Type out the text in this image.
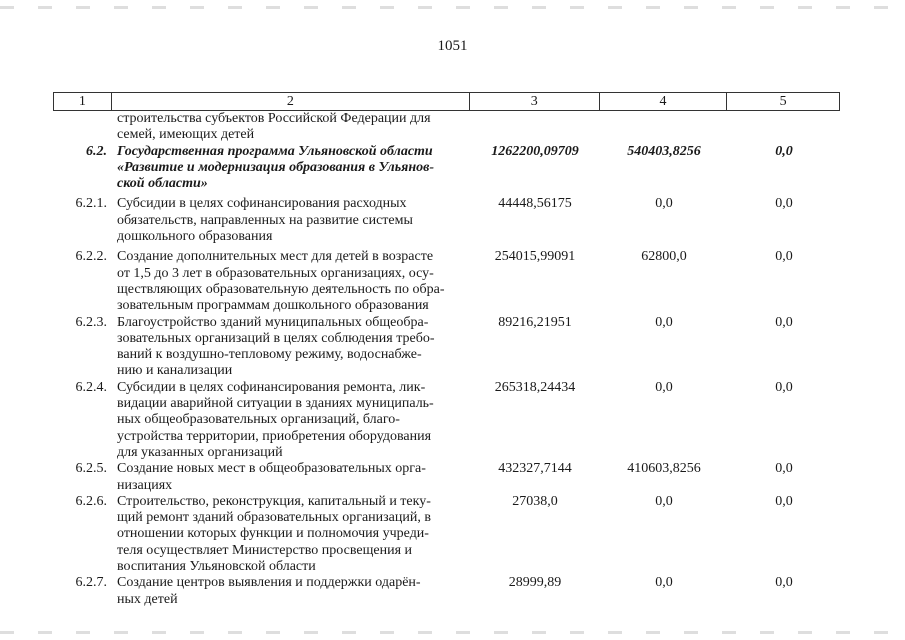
1051
1	2	3	4	5
строительства субъектов Российской Федерации для
семей, имеющих детей
6.2. Государственная программа Ульяновской области
«Развитие и модернизация образования в Ульянов-
ской области»
1262200,09709	540403,8256	0,0
6.2.1. Субсидии в целях софинансирования расходных
обязательств, направленных на развитие системы
дошкольного образования
44448,56175	0,0	0,0
6.2.2. Создание дополнительных мест для детей в возрасте
от 1,5 до 3 лет в образовательных организациях, осу-
ществляющих образовательную деятельность по обра-
зовательным программам дошкольного образования
254015,99091	62800,0	0,0
6.2.3. Благоустройство зданий муниципальных общеобра-
зовательных организаций в целях соблюдения требо-
ваний к воздушно-тепловому режиму, водоснабже-
нию и канализации
89216,21951	0,0	0,0
6.2.4. Субсидии в целях софинансирования ремонта, лик-
видации аварийной ситуации в зданиях муниципаль-
ных общеобразовательных организаций, благо-
устройства территории, приобретения оборудования
для указанных организаций
265318,24434	0,0	0,0
6.2.5. Создание новых мест в общеобразовательных орга-
низациях
432327,7144	410603,8256	0,0
6.2.6. Строительство, реконструкция, капитальный и теку-
щий ремонт зданий образовательных организаций, в
отношении которых функции и полномочия учреди-
теля осуществляет Министерство просвещения и
воспитания Ульяновской области
27038,0	0,0	0,0
6.2.7. Создание центров выявления и поддержки одарён-
ных детей
28999,89	0,0	0,0
